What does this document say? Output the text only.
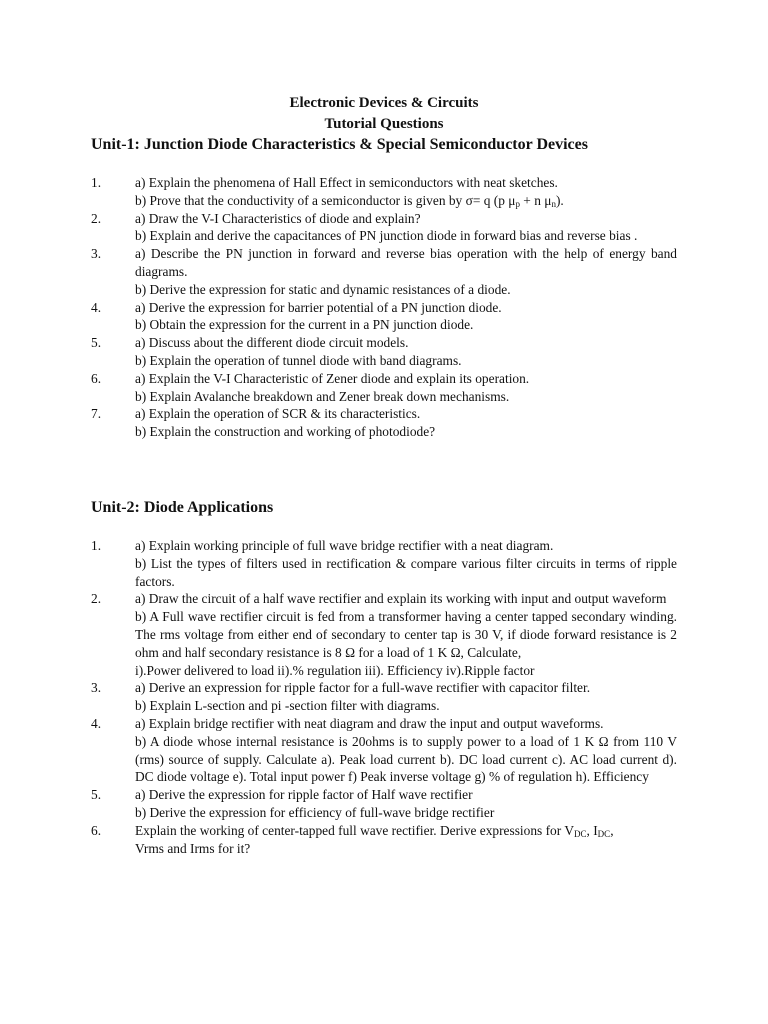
Electronic Devices & Circuits
Tutorial Questions
Unit-1: Junction Diode Characteristics & Special Semiconductor Devices
1.	a) Explain the phenomena of Hall Effect in semiconductors with neat sketches.

b) Prove that the conductivity of a semiconductor is given by σ= q (p $\mu_p + n$ $\mu_n$).

2.	a) Draw the V-I Characteristics of diode and explain?

b) Explain and derive the capacitances of PN junction diode in forward bias and reverse bias .

3.	a) Describe the PN junction in forward and reverse bias operation with the help of energy band diagrams.

b) Derive the expression for static and dynamic resistances of a diode.

4.	a) Derive the expression for barrier potential of a PN junction diode.

b) Obtain the expression for the current in a PN junction diode.

5.	a) Discuss about the different diode circuit models.

b) Explain the operation of tunnel diode with band diagrams.

6.	a) Explain the V-I Characteristic of Zener diode and explain its operation.

b) Explain Avalanche breakdown and Zener break down mechanisms.

7.	a) Explain the operation of SCR & its characteristics.

b) Explain the construction and working of photodiode?

Unit-2: Diode Applications
1.	a) Explain working principle of full wave bridge rectifier with a neat diagram.

b) List the types of filters used in rectification & compare various filter circuits in terms of ripple factors.

2.	a) Draw the circuit of a half wave rectifier and explain its working with input and output waveform

b) A Full wave rectifier circuit is fed from a transformer having a center tapped secondary winding. The rms voltage from either end of secondary to center tap is 30 V, if diode forward resistance is 2 ohm and half secondary resistance is 8 Ω for a load of 1 K Ω, Calculate,

i).Power delivered to load ii).% regulation iii). Efficiency iv).Ripple factor

3.	a) Derive an expression for ripple factor for a full-wave rectifier with capacitor filter.

b) Explain L-section and pi -section filter with diagrams.

4.	a) Explain bridge rectifier with neat diagram and draw the input and output waveforms.

b) A diode whose internal resistance is 20ohms is to supply power to a load of 1 K Ω from 110 V (rms) source of supply. Calculate a). Peak load current b). DC load current c). AC load current d). DC diode voltage e). Total input power f) Peak inverse voltage g) % of regulation h). Efficiency

5.	a) Derive the expression for ripple factor of Half wave rectifier

b) Derive the expression for efficiency of full-wave bridge rectifier

6.	Explain the working of center-tapped full wave rectifier. Derive expressions for $V_{DC}$, $I_{DC}$,

Vrms and Irms for it?
